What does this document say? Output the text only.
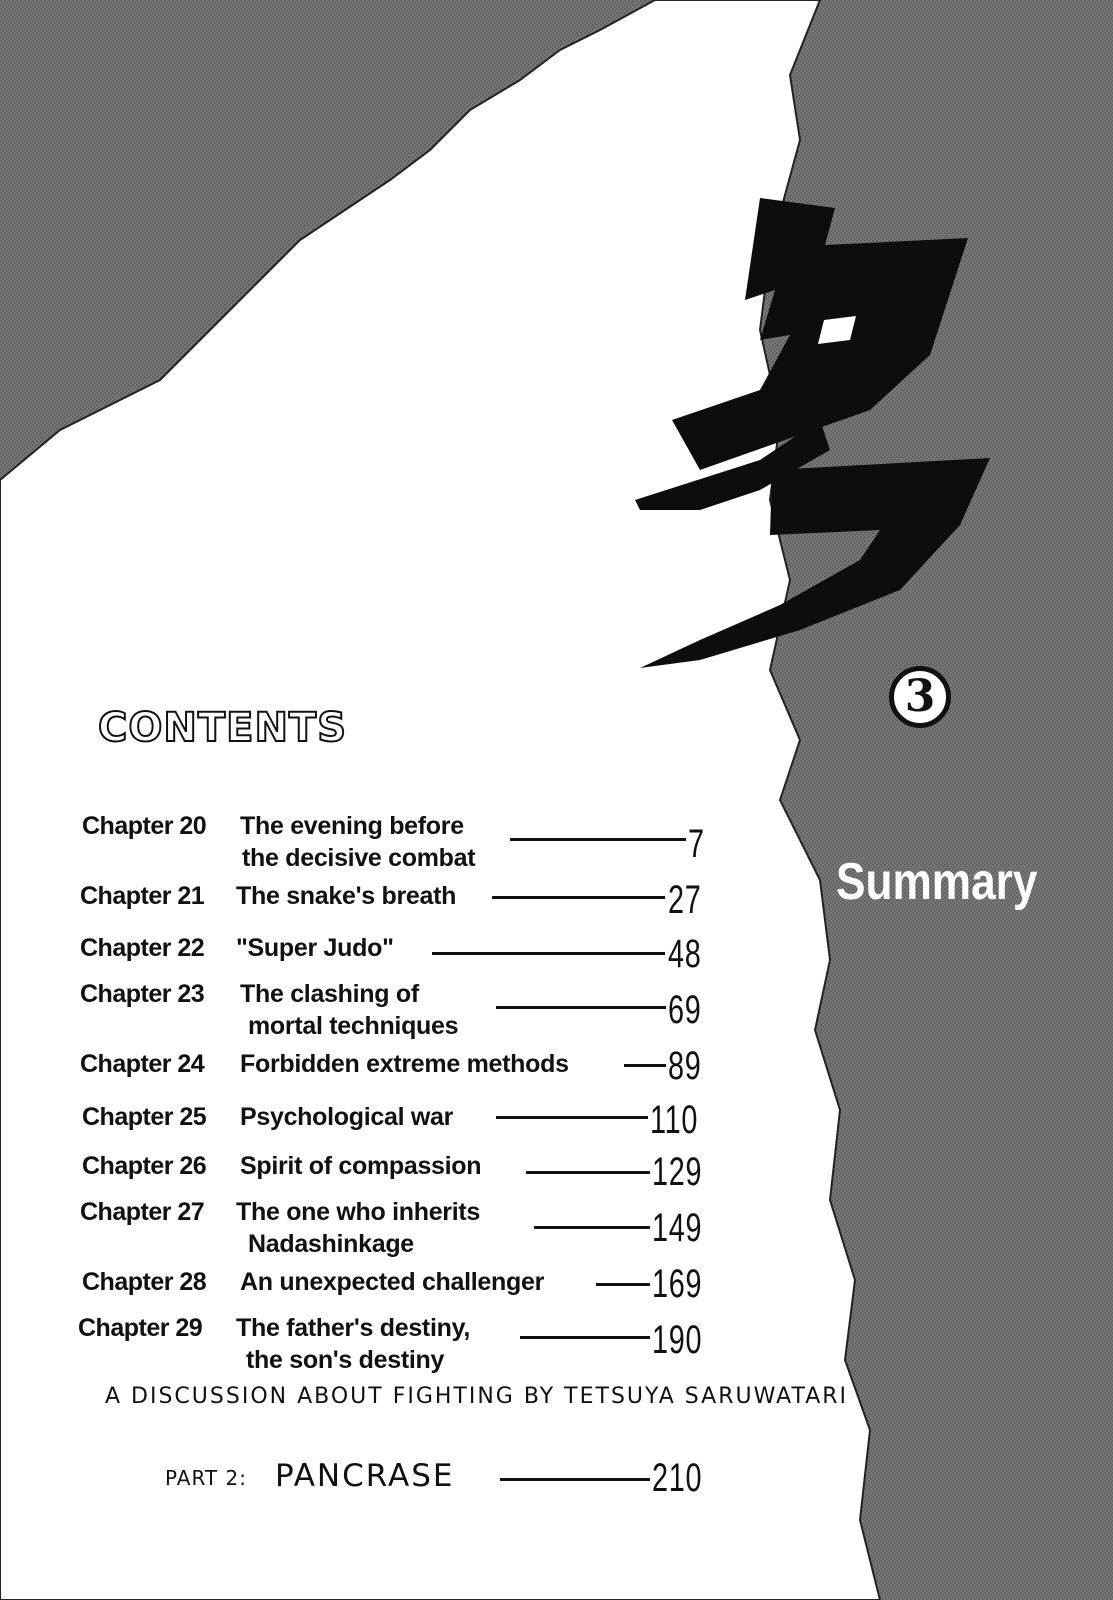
3
CONTENTS
Summary
Chapter 20 The evening before
the decisive combat	7
Chapter 21 The snake's breath	27
Chapter 22 "Super Judo"	48
Chapter 23 The clashing of
mortal techniques	69
Chapter 24 Forbidden extreme methods 89
Chapter 25 Psychological war	110
Chapter 26 Spirit of compassion	129
Chapter 27 The one who inherits
Nadashinkage	149
Chapter 28 An unexpected challenger	169
Chapter 29 The father's destiny,
the son's destiny	190
A DISCUSSION ABOUT FIGHTING BY TETSUYA SARUWATARI
PART 2: PANCRASE	210
